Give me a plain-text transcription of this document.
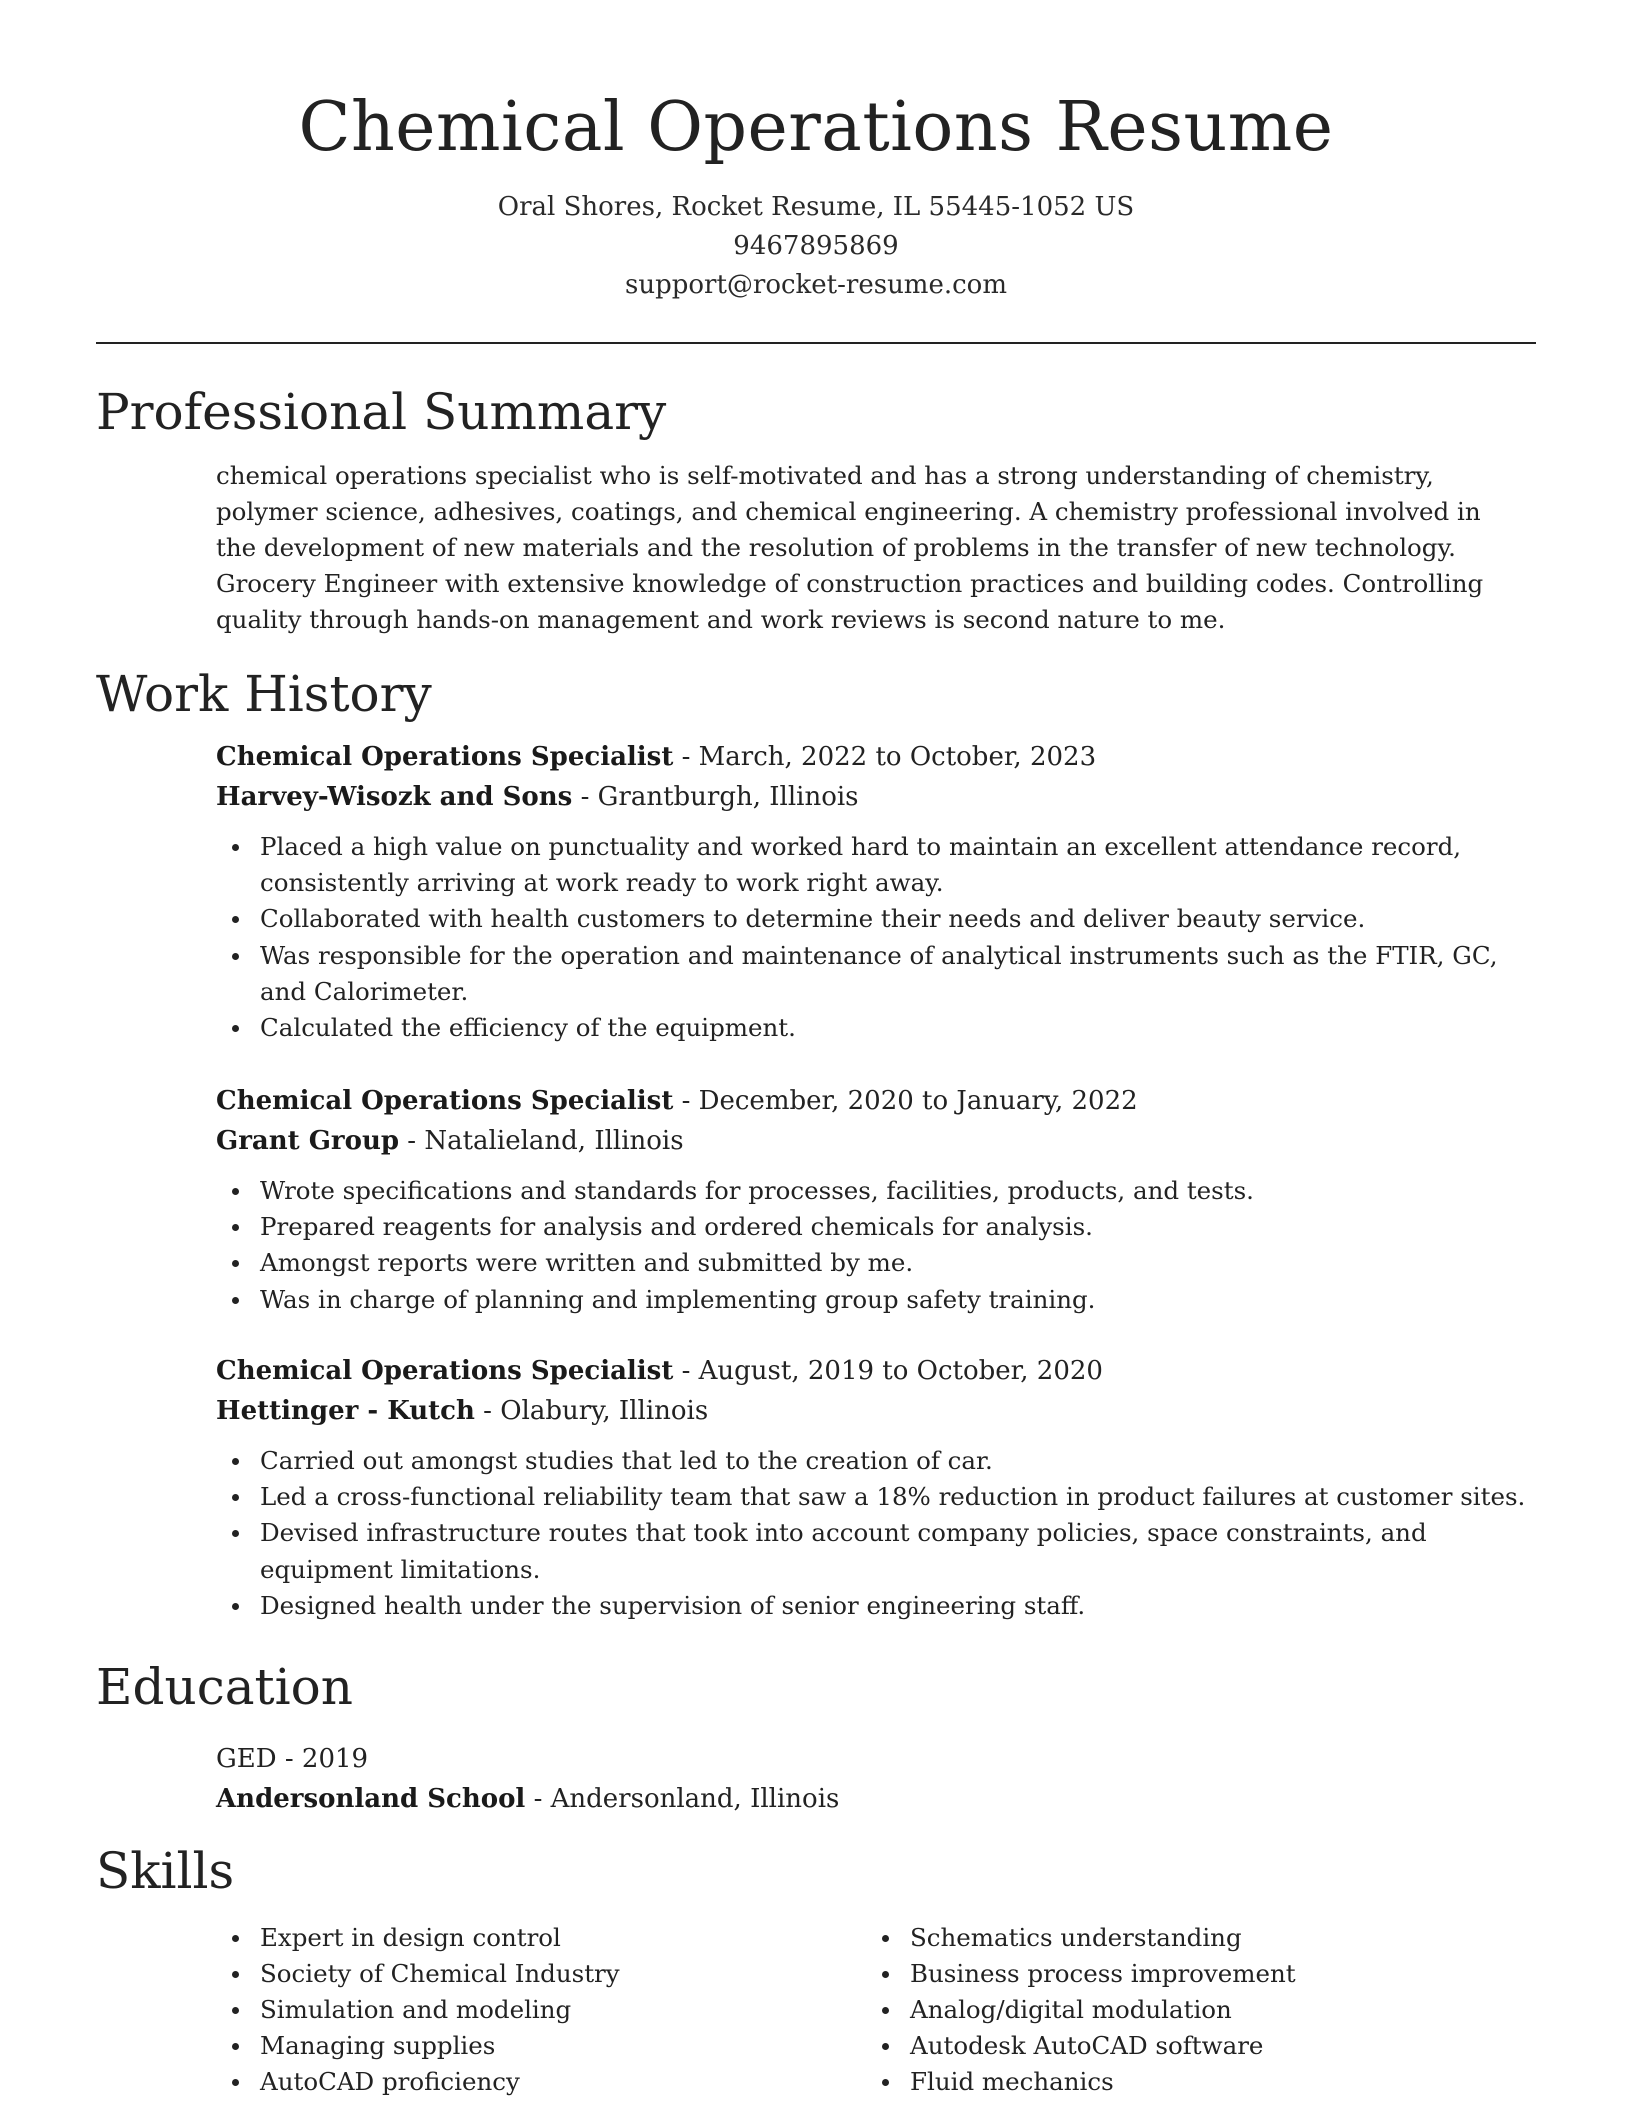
Chemical Operations Resume
Oral Shores, Rocket Resume, IL 55445-1052 US
9467895869
support@rocket-resume.com
Professional Summary
chemical operations specialist who is self-motivated and has a strong understanding of chemistry, polymer science, adhesives, coatings, and chemical engineering. A chemistry professional involved in the development of new materials and the resolution of problems in the transfer of new technology. Grocery Engineer with extensive knowledge of construction practices and building codes. Controlling quality through hands-on management and work reviews is second nature to me.
Work History
Chemical Operations Specialist - March, 2022 to October, 2023
Harvey-Wisozk and Sons - Grantburgh, Illinois
Placed a high value on punctuality and worked hard to maintain an excellent attendance record, consistently arriving at work ready to work right away.
Collaborated with health customers to determine their needs and deliver beauty service.
Was responsible for the operation and maintenance of analytical instruments such as the FTIR, GC, and Calorimeter.
Calculated the efficiency of the equipment.
Chemical Operations Specialist - December, 2020 to January, 2022
Grant Group - Natalieland, Illinois
Wrote specifications and standards for processes, facilities, products, and tests.
Prepared reagents for analysis and ordered chemicals for analysis.
Amongst reports were written and submitted by me.
Was in charge of planning and implementing group safety training.
Chemical Operations Specialist - August, 2019 to October, 2020
Hettinger - Kutch - Olabury, Illinois
Carried out amongst studies that led to the creation of car.
Led a cross-functional reliability team that saw a 18% reduction in product failures at customer sites.
Devised infrastructure routes that took into account company policies, space constraints, and equipment limitations.
Designed health under the supervision of senior engineering staff.
Education
GED - 2019
Andersonland School - Andersonland, Illinois
Skills
Expert in design control
Society of Chemical Industry
Simulation and modeling
Managing supplies
AutoCAD proficiency
Schematics understanding
Business process improvement
Analog/digital modulation
Autodesk AutoCAD software
Fluid mechanics
